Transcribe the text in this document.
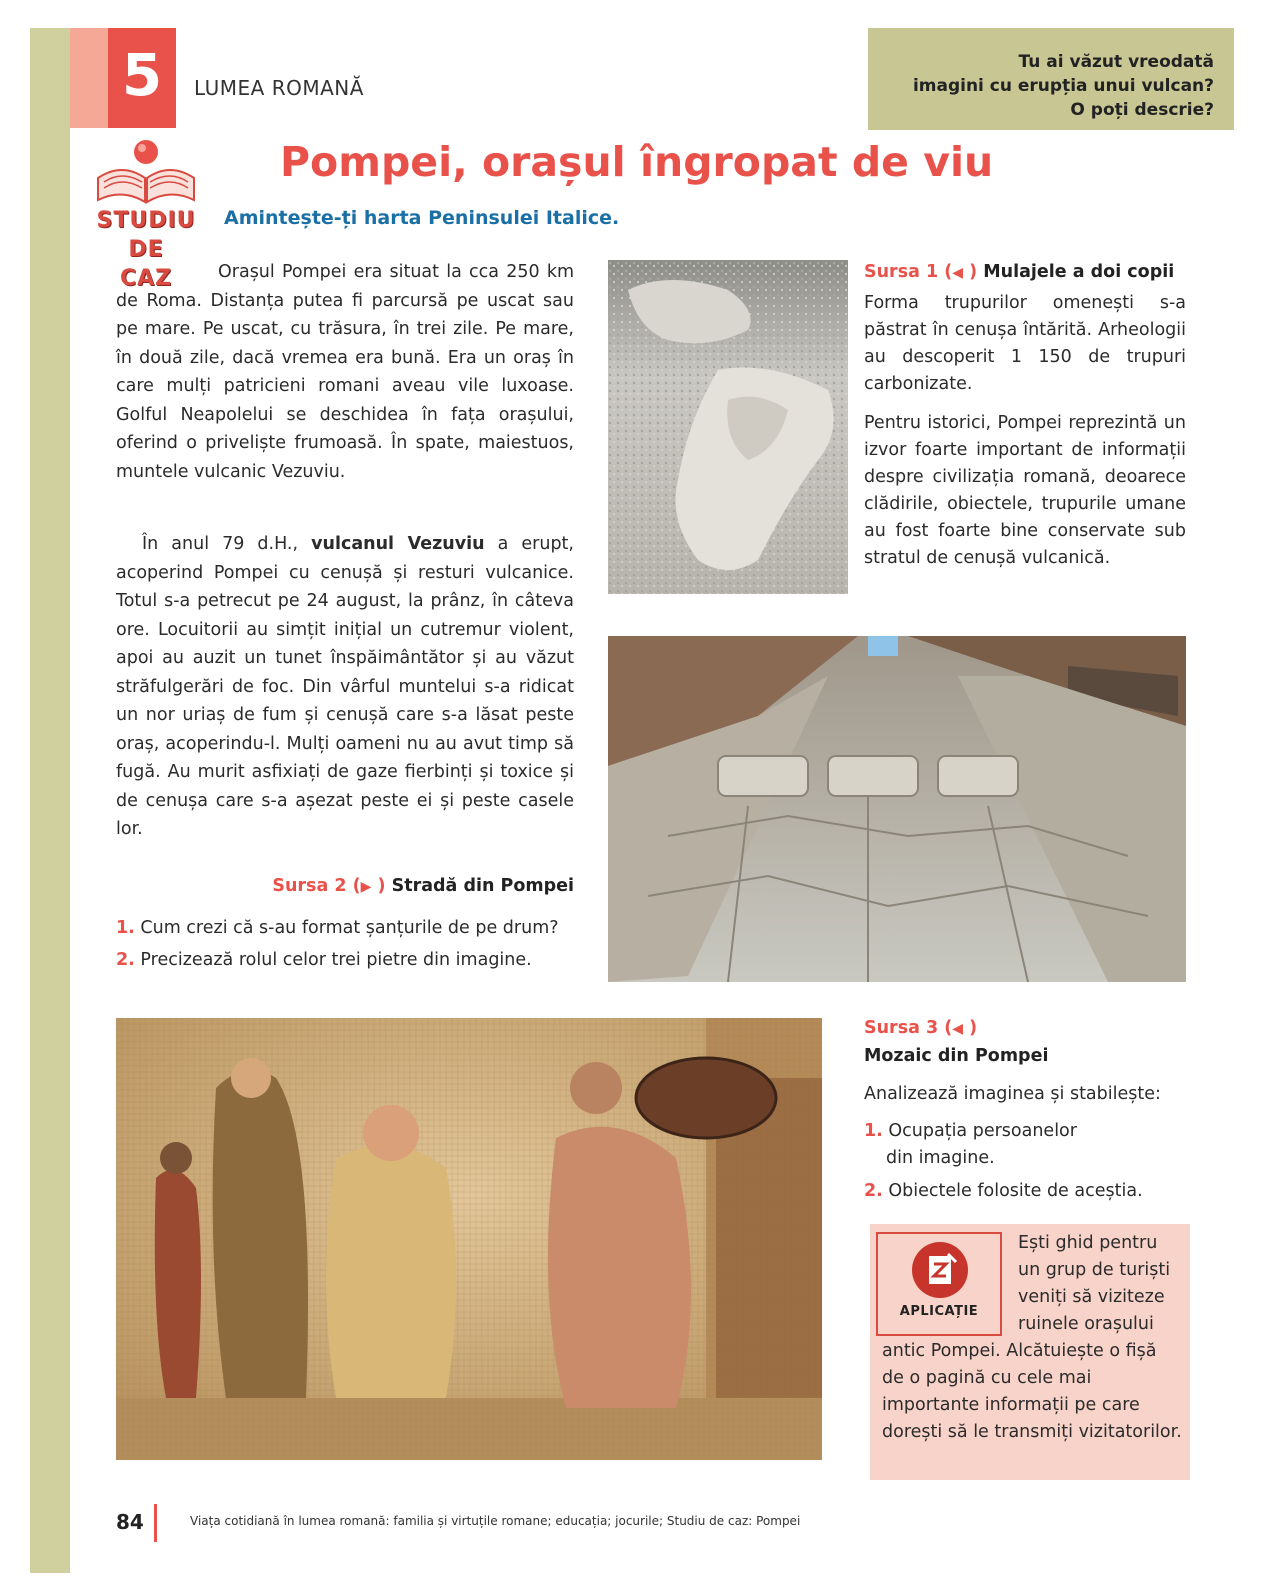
5	LUMEA ROMANĂ
Tu ai văzut vreodată
imagini cu erupția unui vulcan?
O poți descrie?
STUDIU
DE
CAZ
Pompei, orașul îngropat de viu
Amintește-ți harta Peninsulei Italice.

Orașul Pompei era situat la cca 250 km de Roma. Distanța putea fi parcursă pe uscat sau pe mare. Pe uscat, cu trăsura, în trei zile. Pe mare, în două zile, dacă vremea era bună. Era un oraș în care mulți patricieni romani aveau vile luxoase. Golful Neapolelui se deschidea în fața orașului, oferind o priveliște frumoasă. În spate, maiestuos, muntele vulcanic Vezuviu.

În anul 79 d.H., vulcanul Vezuviu a erupt, acoperind Pompei cu cenușă și resturi vulcanice. Totul s-a petrecut pe 24 august, la prânz, în câteva ore. Locuitorii au simțit inițial un cutremur violent, apoi au auzit un tunet înspăimântător și au văzut străfulgerări de foc. Din vârful muntelui s-a ridicat un nor uriaș de fum și cenușă care s-a lăsat peste oraș, acoperindu-l. Mulți oameni nu au avut timp să fugă. Au murit asfixiați de gaze fierbinți și toxice și de cenușa care s-a așezat peste ei și peste casele lor.

Sursa 1 (◀ ) Mulajele a doi copii

Forma trupurilor omenești s-a păstrat în cenușa întărită. Arheologii au descoperit 1 150 de trupuri carbonizate.

Pentru istorici, Pompei reprezintă un izvor foarte important de informații despre civilizația romană, deoarece clădirile, obiectele, trupurile umane au fost foarte bine conservate sub stratul de cenușă vulcanică.

Sursa 2 (▶ ) Stradă din Pompei
1. Cum crezi că s-au format șanțurile de pe drum?
2. Precizează rolul celor trei pietre din imagine.
Sursa 3 (◀ )
Mozaic din Pompei
Analizează imaginea și stabilește:
1. Ocupația persoanelor
din imagine.
2. Obiectele folosite de aceștia.
APLICAȚIE
Ești ghid pentru un grup de turiști veniți să viziteze ruinele orașului antic Pompei. Alcătuiește o fișă de o pagină cu cele mai importante informații pe care dorești să le transmiți vizitatorilor.
84	Viața cotidiană în lumea romană: familia și virtuțile romane; educația; jocurile; Studiu de caz: Pompei
